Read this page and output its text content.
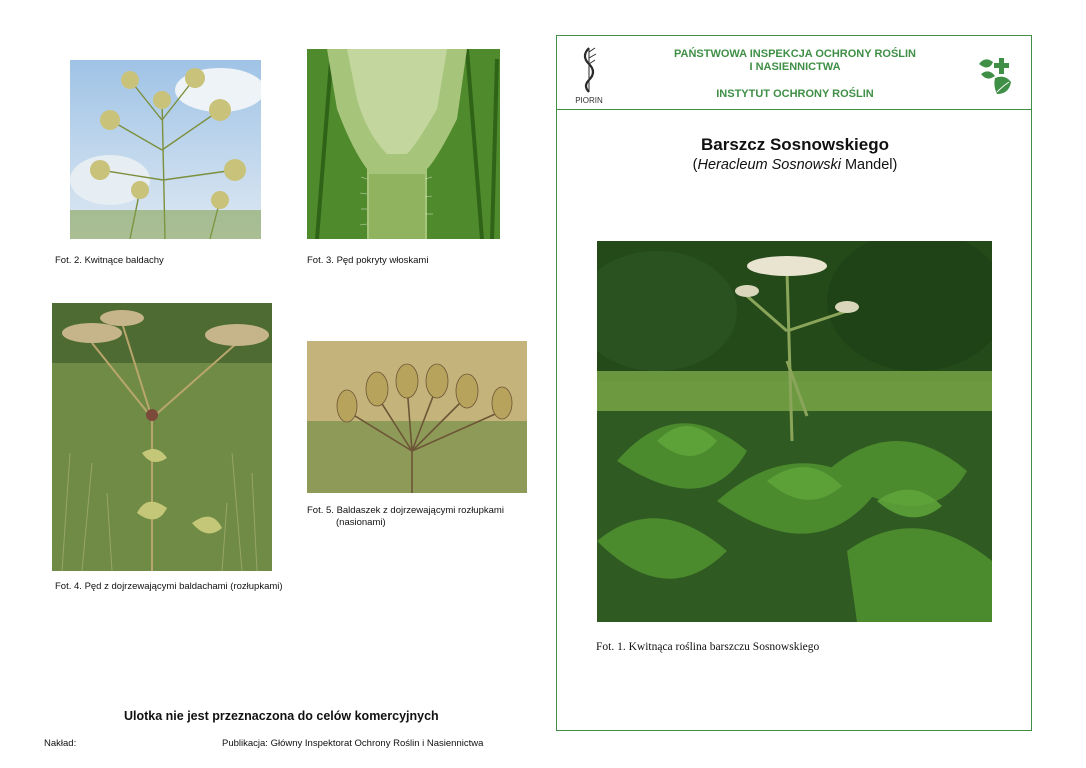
Fot. 2. Kwitnące baldachy	Fot. 3. Pęd pokryty włoskami
Fot. 4. Pęd z dojrzewającymi baldachami (rozłupkami)
Fot. 5. Baldaszek z dojrzewającymi rozłupkami
(nasionami)
Ulotka nie jest przeznaczona do celów komercyjnych
Nakład:	Publikacja: Główny Inspektorat Ochrony Roślin i Nasiennictwa
PIORIN
PAŃSTWOWA INSPEKCJA OCHRONY ROŚLIN
I NASIENNICTWA
INSTYTUT OCHRONY ROŚLIN
Barszcz Sosnowskiego
(Heracleum Sosnowski Mandel)
Fot. 1. Kwitnąca roślina barszczu Sosnowskiego
